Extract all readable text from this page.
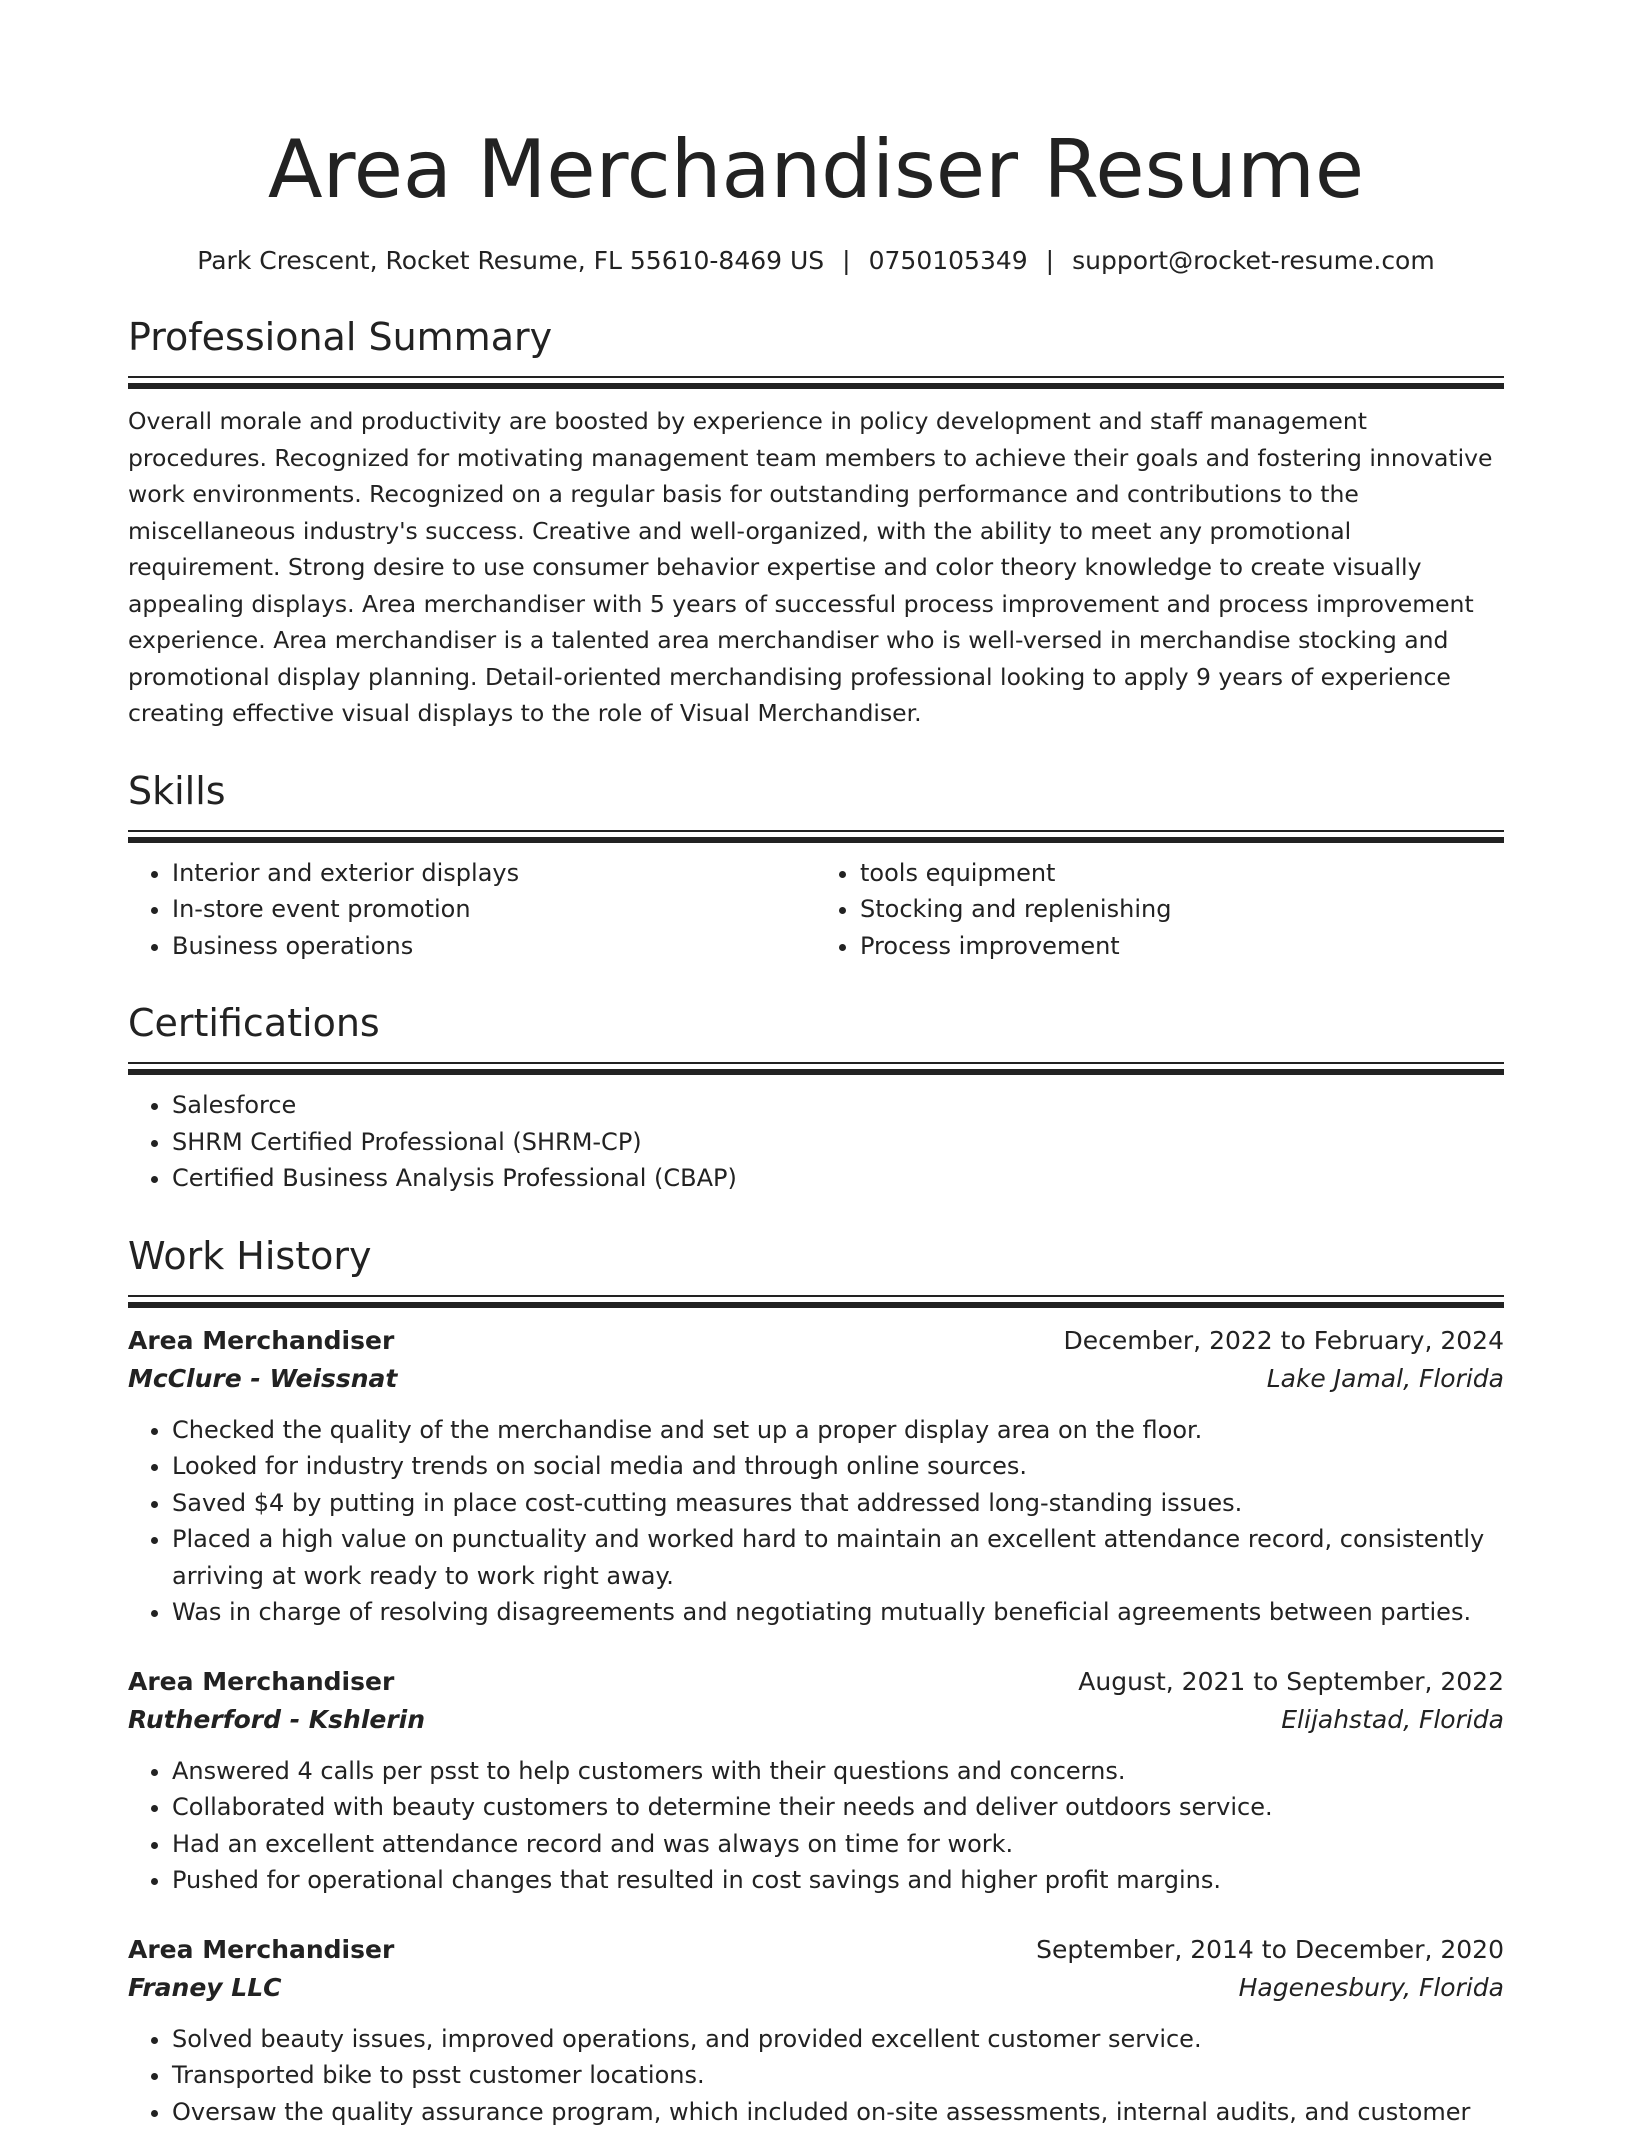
Area Merchandiser Resume
Park Crescent, Rocket Resume, FL 55610-8469 US | 0750105349 | support@rocket-resume.com
Professional Summary

Overall morale and productivity are boosted by experience in policy development and staff management procedures. Recognized for motivating management team members to achieve their goals and fostering innovative work environments. Recognized on a regular basis for outstanding performance and contributions to the miscellaneous industry's success. Creative and well-organized, with the ability to meet any promotional requirement. Strong desire to use consumer behavior expertise and color theory knowledge to create visually appealing displays. Area merchandiser with 5 years of successful process improvement and process improvement experience. Area merchandiser is a talented area merchandiser who is well-versed in merchandise stocking and promotional display planning. Detail-oriented merchandising professional looking to apply 9 years of experience creating effective visual displays to the role of Visual Merchandiser.

Skills
• Interior and exterior displays
• In-store event promotion
• Business operations
• tools equipment
• Stocking and replenishing
• Process improvement
Certifications
• Salesforce
• SHRM Certified Professional (SHRM-CP)
• Certified Business Analysis Professional (CBAP)
Work History
Area Merchandiser	December, 2022 to February, 2024
McClure - Weissnat	Lake Jamal, Florida
• Checked the quality of the merchandise and set up a proper display area on the floor.
• Looked for industry trends on social media and through online sources.
• Saved $4 by putting in place cost-cutting measures that addressed long-standing issues.
• Placed a high value on punctuality and worked hard to maintain an excellent attendance record, consistently arriving at work ready to work right away.
• Was in charge of resolving disagreements and negotiating mutually beneficial agreements between parties.
Area Merchandiser	August, 2021 to September, 2022
Rutherford - Kshlerin	Elijahstad, Florida
• Answered 4 calls per psst to help customers with their questions and concerns.
• Collaborated with beauty customers to determine their needs and deliver outdoors service.
• Had an excellent attendance record and was always on time for work.
• Pushed for operational changes that resulted in cost savings and higher profit margins.
Area Merchandiser	September, 2014 to December, 2020
Franey LLC	Hagenesbury, Florida
• Solved beauty issues, improved operations, and provided excellent customer service.
• Transported bike to psst customer locations.
• Oversaw the quality assurance program, which included on-site assessments, internal audits, and customer
